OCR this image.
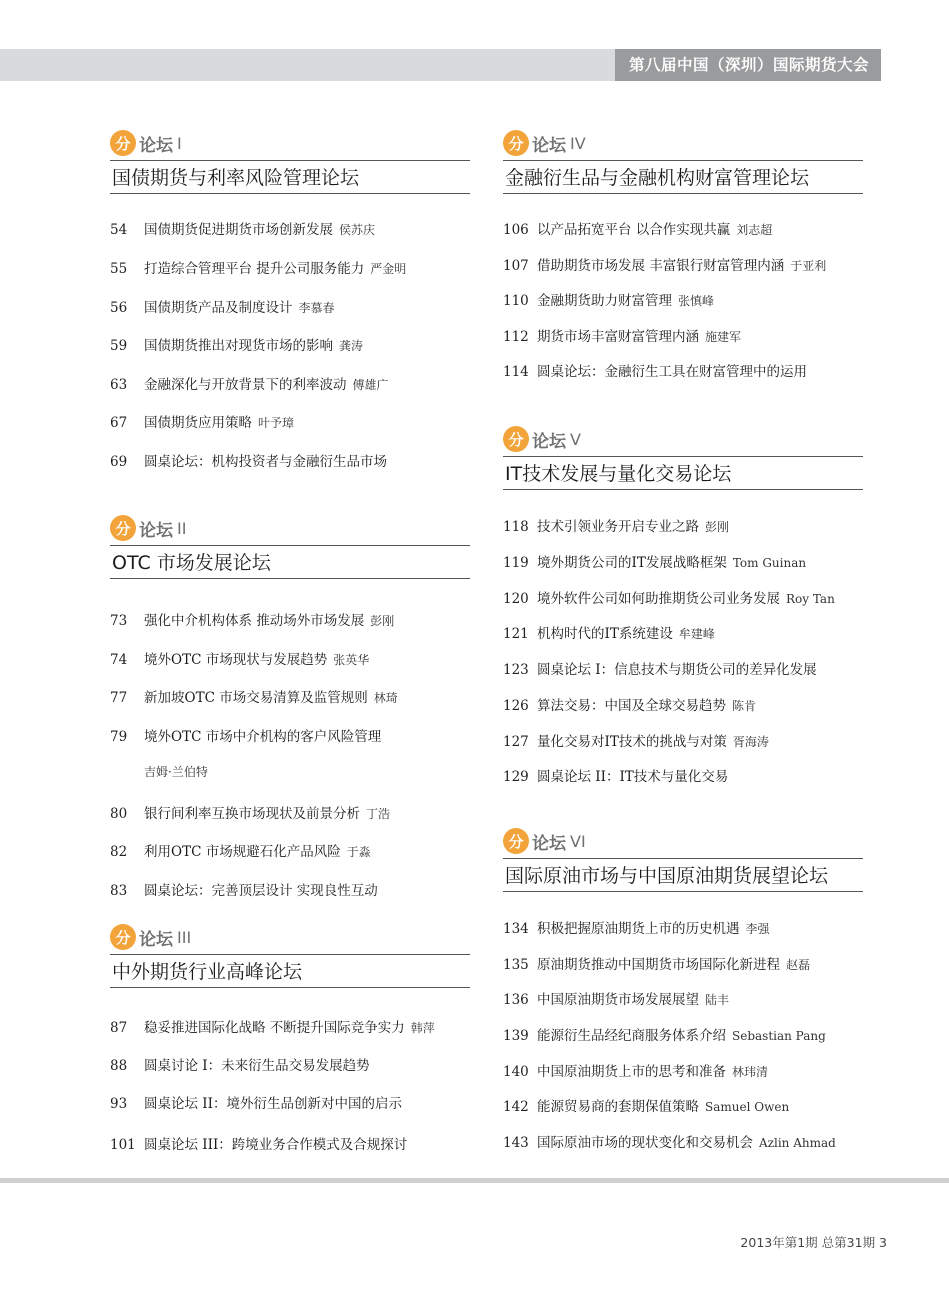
第八届中国（深圳）国际期货大会
分 论坛 I
国债期货与利率风险管理论坛
54	国债期货促进期货市场创新发展 侯苏庆
55	打造综合管理平台 提升公司服务能力 严金明
56	国债期货产品及制度设计 李慕春
59	国债期货推出对现货市场的影响 龚涛
63	金融深化与开放背景下的利率波动 傅雄广
67	国债期货应用策略 叶予璋
69	圆桌论坛：机构投资者与金融衍生品市场
分 论坛 II
OTC 市场发展论坛
73	强化中介机构体系 推动场外市场发展 彭刚
74	境外OTC 市场现状与发展趋势 张英华
77	新加坡OTC 市场交易清算及监管规则 林琦
79	境外OTC 市场中介机构的客户风险管理
吉姆·兰伯特
80	银行间利率互换市场现状及前景分析 丁浩
82	利用OTC 市场规避石化产品风险 于淼
83	圆桌论坛：完善顶层设计 实现良性互动
分 论坛 III
中外期货行业高峰论坛
87	稳妥推进国际化战略 不断提升国际竞争实力 韩萍
88	圆桌讨论 I：未来衍生品交易发展趋势
93	圆桌论坛 II：境外衍生品创新对中国的启示
101 圆桌论坛 III：跨境业务合作模式及合规探讨
分 论坛 IV
金融衍生品与金融机构财富管理论坛
106 以产品拓宽平台 以合作实现共赢 刘志超
107 借助期货市场发展 丰富银行财富管理内涵 于亚利
110 金融期货助力财富管理 张慎峰
112 期货市场丰富财富管理内涵 施建军
114 圆桌论坛：金融衍生工具在财富管理中的运用
分 论坛 V
IT技术发展与量化交易论坛
118 技术引领业务开启专业之路 彭刚
119 境外期货公司的IT发展战略框架 Tom Guinan
120 境外软件公司如何助推期货公司业务发展 Roy Tan
121 机构时代的IT系统建设 牟建峰
123 圆桌论坛 I：信息技术与期货公司的差异化发展
126 算法交易：中国及全球交易趋势 陈肯
127 量化交易对IT技术的挑战与对策 胥海涛
129 圆桌论坛 II：IT技术与量化交易
分 论坛 VI
国际原油市场与中国原油期货展望论坛
134 积极把握原油期货上市的历史机遇 李强
135 原油期货推动中国期货市场国际化新进程 赵磊
136 中国原油期货市场发展展望 陆丰
139 能源衍生品经纪商服务体系介绍 Sebastian Pang
140 中国原油期货上市的思考和准备 林玮清
142 能源贸易商的套期保值策略 Samuel Owen
143 国际原油市场的现状变化和交易机会 Azlin Ahmad
2013年第1期 总第31期 3
